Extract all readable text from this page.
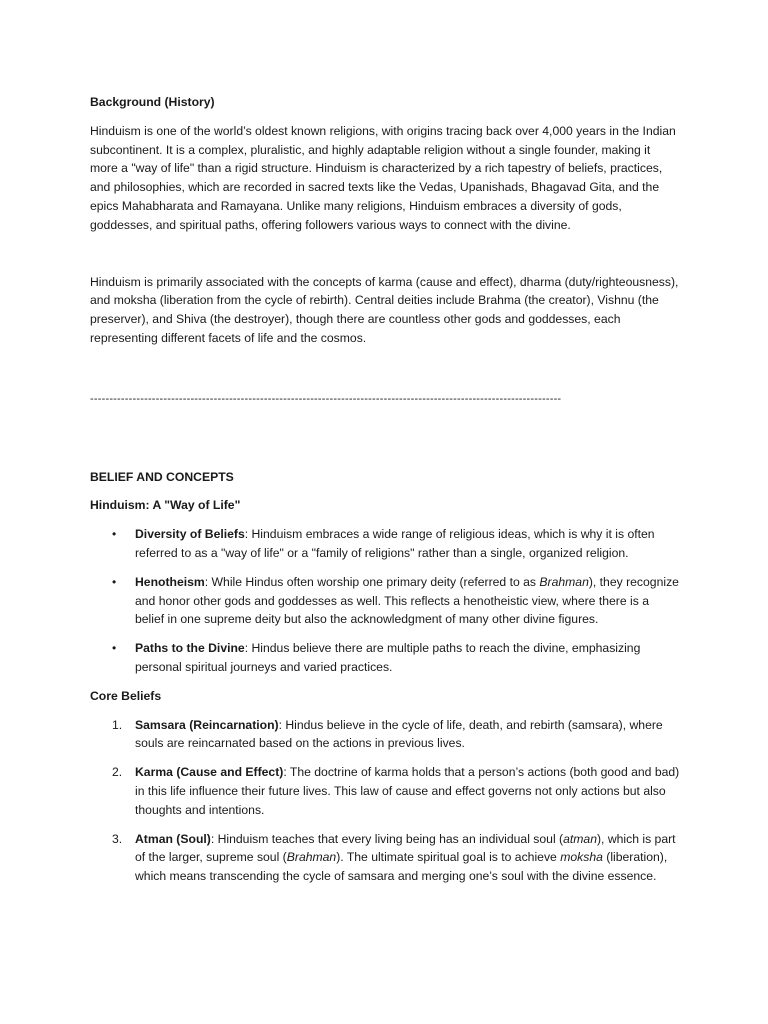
Background (History)

Hinduism is one of the world’s oldest known religions, with origins tracing back over 4,000 years in the Indian subcontinent. It is a complex, pluralistic, and highly adaptable religion without a single founder, making it more a "way of life" than a rigid structure. Hinduism is characterized by a rich tapestry of beliefs, practices, and philosophies, which are recorded in sacred texts like the Vedas, Upanishads, Bhagavad Gita, and the epics Mahabharata and Ramayana. Unlike many religions, Hinduism embraces a diversity of gods, goddesses, and spiritual paths, offering followers various ways to connect with the divine.

Hinduism is primarily associated with the concepts of karma (cause and effect), dharma (duty/righteousness), and moksha (liberation from the cycle of rebirth). Central deities include Brahma (the creator), Vishnu (the preserver), and Shiva (the destroyer), though there are countless other gods and goddesses, each representing different facets of life and the cosmos.

--------------------------------------------------------------------------------------------------------------------------

BELIEF AND CONCEPTS

Hinduism: A "Way of Life"

• Diversity of Beliefs: Hinduism embraces a wide range of religious ideas, which is why it is often referred to as a "way of life" or a "family of religions" rather than a single, organized religion.
• Henotheism: While Hindus often worship one primary deity (referred to as Brahman), they recognize and honor other gods and goddesses as well. This reflects a henotheistic view, where there is a belief in one supreme deity but also the acknowledgment of many other divine figures.
• Paths to the Divine: Hindus believe there are multiple paths to reach the divine, emphasizing personal spiritual journeys and varied practices.

Core Beliefs

1. Samsara (Reincarnation): Hindus believe in the cycle of life, death, and rebirth (samsara), where souls are reincarnated based on the actions in previous lives.
2. Karma (Cause and Effect): The doctrine of karma holds that a person’s actions (both good and bad) in this life influence their future lives. This law of cause and effect governs not only actions but also thoughts and intentions.
3. Atman (Soul): Hinduism teaches that every living being has an individual soul (atman), which is part of the larger, supreme soul (Brahman). The ultimate spiritual goal is to achieve moksha (liberation), which means transcending the cycle of samsara and merging one’s soul with the divine essence.
